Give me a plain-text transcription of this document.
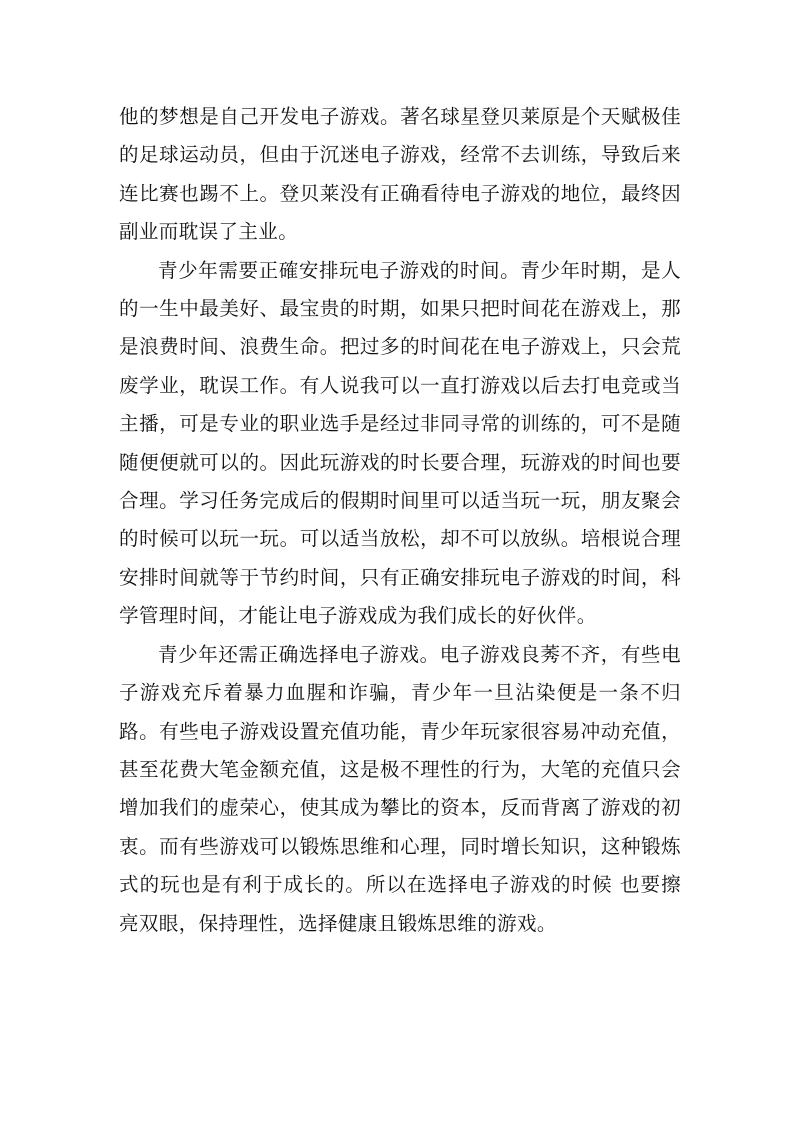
他的梦想是自己开发电子游戏。著名球星登贝莱原是个天赋极佳的足球运动员，但由于沉迷电子游戏，经常不去训练，导致后来连比赛也踢不上。登贝莱没有正确看待电子游戏的地位，最终因副业而耽误了主业。

青少年需要正確安排玩电子游戏的时间。青少年时期，是人的一生中最美好、最宝贵的时期，如果只把时间花在游戏上，那是浪费时间、浪费生命。把过多的时间花在电子游戏上，只会荒废学业，耽误工作。有人说我可以一直打游戏以后去打电竞或当主播，可是专业的职业选手是经过非同寻常的训练的，可不是随随便便就可以的。因此玩游戏的时长要合理，玩游戏的时间也要合理。学习任务完成后的假期时间里可以适当玩一玩，朋友聚会的时候可以玩一玩。可以适当放松，却不可以放纵。培根说合理安排时间就等于节约时间，只有正确安排玩电子游戏的时间，科学管理时间，才能让电子游戏成为我们成长的好伙伴。

青少年还需正确选择电子游戏。电子游戏良莠不齐，有些电子游戏充斥着暴力血腥和诈骗，青少年一旦沾染便是一条不归路。有些电子游戏设置充值功能，青少年玩家很容易冲动充值，甚至花费大笔金额充值，这是极不理性的行为，大笔的充值只会增加我们的虚荣心，使其成为攀比的资本，反而背离了游戏的初衷。而有些游戏可以锻炼思维和心理，同时增长知识，这种锻炼式的玩也是有利于成长的。所以在选择电子游戏的时候 也要擦亮双眼，保持理性，选择健康且锻炼思维的游戏。
